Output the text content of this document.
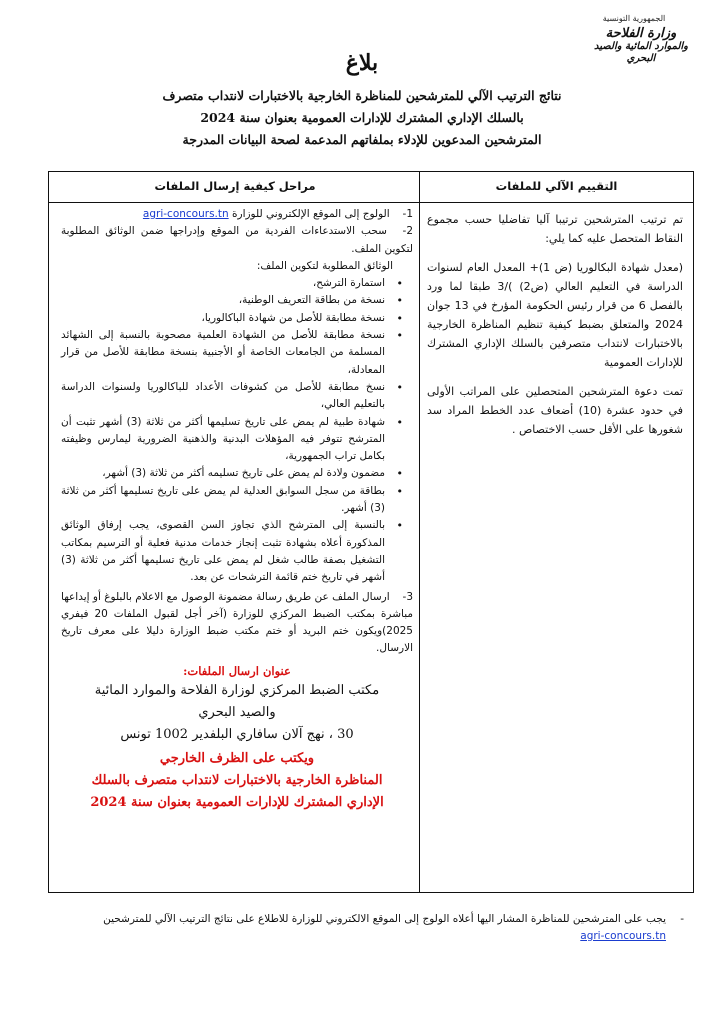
الجمهورية التونسية
وزارة الفلاحة
والموارد المائية والصيد البحري
بلاغ
نتائج الترتيب الآلي للمترشحين للمناظرة الخارجية بالاختبارات لانتداب متصرف
بالسلك الإداري المشترك للإدارات العمومية بعنوان سنة 2024
المترشحين المدعوين للإدلاء بملفاتهم المدعمة لصحة البيانات المدرجة
التقييم الآلي للملفات
مراحل كيفية إرسال الملفات

تم ترتيب المترشحين ترتيبا آليا تفاضليا حسب مجموع النقاط المتحصل عليه كما يلي:

(معدل شهادة البكالوريا (ض 1)+ المعدل العام لسنوات الدراسة في التعليم العالي (ض2) )/3 طبقا لما ورد بالفصل 6 من قرار رئيس الحكومة المؤرخ في 13 جوان 2024 والمتعلق بضبط كيفية تنظيم المناظرة الخارجية بالاختبارات لانتداب متصرفين بالسلك الإداري المشترك للإدارات العمومية

تمت دعوة المترشحين المتحصلين على المراتب الأولى في حدود عشرة (10) أضعاف عدد الخطط المراد سد شغورها على الأقل حسب الاختصاص .

1- الولوج إلى الموقع الإلكتروني للوزارة agri-concours.tn

2- سحب الاستدعاءات الفردية من الموقع وإدراجها ضمن الوثائق المطلوبة لتكوين الملف.

الوثائق المطلوبة لتكوين الملف:

• استمارة الترشح،
• نسخة من بطاقة التعريف الوطنية،
• نسخة مطابقة للأصل من شهادة الباكالوريا،
• نسخة مطابقة للأصل من الشهادة العلمية مصحوبة بالنسبة إلى الشهائد المسلمة من الجامعات الخاصة أو الأجنبية بنسخة مطابقة للأصل من قرار المعادلة،
• نسخ مطابقة للأصل من كشوفات الأعداد للباكالوريا ولسنوات الدراسة بالتعليم العالي،
• شهادة طبية لم يمض على تاريخ تسليمها أكثر من ثلاثة (3) أشهر تثبت أن المترشح تتوفر فيه المؤهلات البدنية والذهنية الضرورية ليمارس وظيفته بكامل تراب الجمهورية،
• مضمون ولادة لم يمض على تاريخ تسليمه أكثر من ثلاثة (3) أشهر،
• بطاقة من سجل السوابق العدلية لم يمض على تاريخ تسليمها أكثر من ثلاثة (3) أشهر.
• بالنسبة إلى المترشح الذي تجاوز السن القصوى، يجب إرفاق الوثائق المذكورة أعلاه بشهادة تثبت إنجاز خدمات مدنية فعلية أو الترسيم بمكاتب التشغيل بصفة طالب شغل لم يمض على تاريخ تسليمها أكثر من ثلاثة (3) أشهر في تاريخ ختم قائمة الترشحات عن بعد.

3- ارسال الملف عن طريق رسالة مضمونة الوصول مع الاعلام بالبلوغ أو إيداعها مباشرة بمكتب الضبط المركزي للوزارة (آخر أجل لقبول الملفات 20 فيفري 2025)ويكون ختم البريد أو ختم مكتب ضبط الوزارة دليلا على معرف تاريخ الارسال.

عنوان ارسال الملفات:
مكتب الضبط المركزي لوزارة الفلاحة والموارد المائية
والصيد البحري
30 ، نهج آلان سافاري البلفدير 1002 تونس
ويكتب على الظرف الخارجي
المناظرة الخارجية بالاختبارات لانتداب متصرف بالسلك
الإداري المشترك للإدارات العمومية بعنوان سنة 2024
-
يجب على المترشحين للمناظرة المشار اليها أعلاه الولوج إلى الموقع الالكتروني للوزارة للاطلاع على نتائج الترتيب الآلي للمترشحين
agri-concours.tn
